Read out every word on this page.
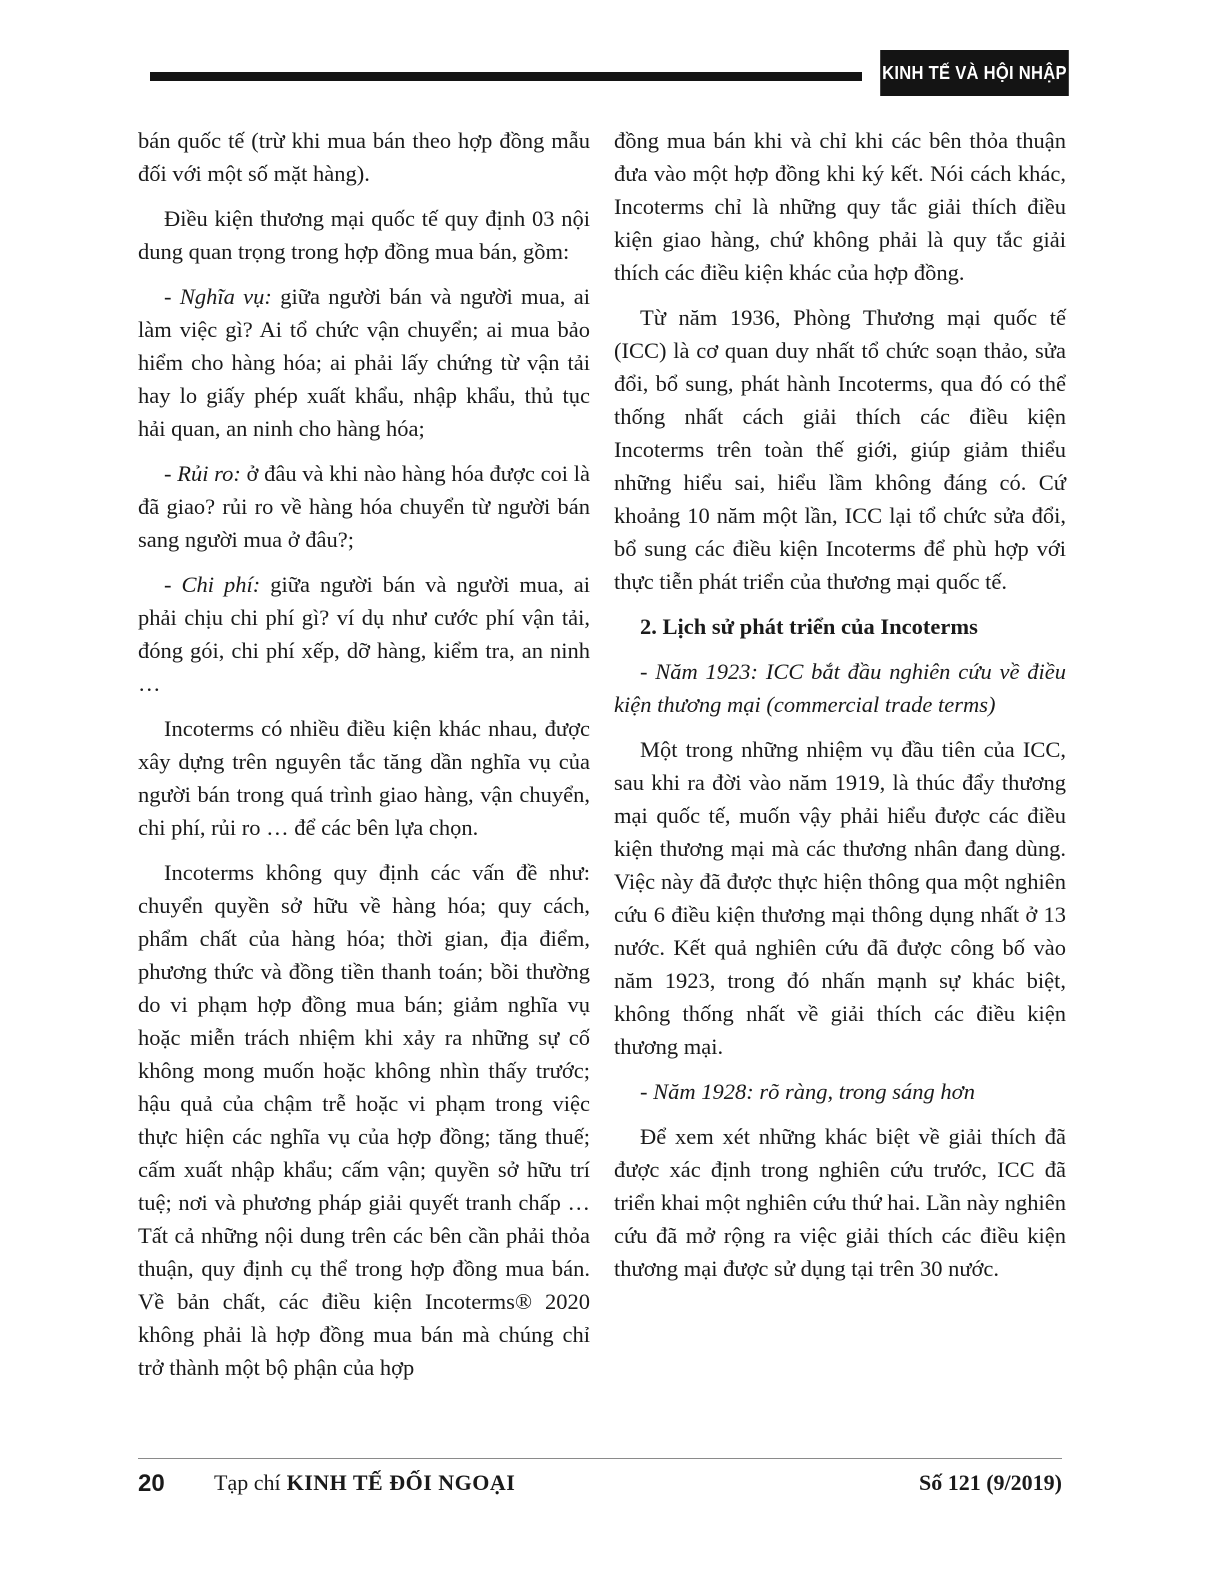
KINH TẾ VÀ HỘI NHẬP

bán quốc tế (trừ khi mua bán theo hợp đồng mẫu đối với một số mặt hàng).

Điều kiện thương mại quốc tế quy định 03 nội dung quan trọng trong hợp đồng mua bán, gồm:

- Nghĩa vụ: giữa người bán và người mua, ai làm việc gì? Ai tổ chức vận chuyển; ai mua bảo hiểm cho hàng hóa; ai phải lấy chứng từ vận tải hay lo giấy phép xuất khẩu, nhập khẩu, thủ tục hải quan, an ninh cho hàng hóa;

- Rủi ro: ở đâu và khi nào hàng hóa được coi là đã giao? rủi ro về hàng hóa chuyển từ người bán sang người mua ở đâu?;

- Chi phí: giữa người bán và người mua, ai phải chịu chi phí gì? ví dụ như cước phí vận tải, đóng gói, chi phí xếp, dỡ hàng, kiểm tra, an ninh …

Incoterms có nhiều điều kiện khác nhau, được xây dựng trên nguyên tắc tăng dần nghĩa vụ của người bán trong quá trình giao hàng, vận chuyển, chi phí, rủi ro … để các bên lựa chọn.

Incoterms không quy định các vấn đề như: chuyển quyền sở hữu về hàng hóa; quy cách, phẩm chất của hàng hóa; thời gian, địa điểm, phương thức và đồng tiền thanh toán; bồi thường do vi phạm hợp đồng mua bán; giảm nghĩa vụ hoặc miễn trách nhiệm khi xảy ra những sự cố không mong muốn hoặc không nhìn thấy trước; hậu quả của chậm trễ hoặc vi phạm trong việc thực hiện các nghĩa vụ của hợp đồng; tăng thuế; cấm xuất nhập khẩu; cấm vận; quyền sở hữu trí tuệ; nơi và phương pháp giải quyết tranh chấp … Tất cả những nội dung trên các bên cần phải thỏa thuận, quy định cụ thể trong hợp đồng mua bán. Về bản chất, các điều kiện Incoterms® 2020 không phải là hợp đồng mua bán mà chúng chỉ trở thành một bộ phận của hợp

đồng mua bán khi và chỉ khi các bên thỏa thuận đưa vào một hợp đồng khi ký kết. Nói cách khác, Incoterms chỉ là những quy tắc giải thích điều kiện giao hàng, chứ không phải là quy tắc giải thích các điều kiện khác của hợp đồng.

Từ năm 1936, Phòng Thương mại quốc tế (ICC) là cơ quan duy nhất tổ chức soạn thảo, sửa đổi, bổ sung, phát hành Incoterms, qua đó có thể thống nhất cách giải thích các điều kiện Incoterms trên toàn thế giới, giúp giảm thiểu những hiểu sai, hiểu lầm không đáng có. Cứ khoảng 10 năm một lần, ICC lại tổ chức sửa đổi, bổ sung các điều kiện Incoterms để phù hợp với thực tiễn phát triển của thương mại quốc tế.

2. Lịch sử phát triển của Incoterms

- Năm 1923: ICC bắt đầu nghiên cứu về điều kiện thương mại (commercial trade terms)

Một trong những nhiệm vụ đầu tiên của ICC, sau khi ra đời vào năm 1919, là thúc đẩy thương mại quốc tế, muốn vậy phải hiểu được các điều kiện thương mại mà các thương nhân đang dùng. Việc này đã được thực hiện thông qua một nghiên cứu 6 điều kiện thương mại thông dụng nhất ở 13 nước. Kết quả nghiên cứu đã được công bố vào năm 1923, trong đó nhấn mạnh sự khác biệt, không thống nhất về giải thích các điều kiện thương mại.

- Năm 1928: rõ ràng, trong sáng hơn

Để xem xét những khác biệt về giải thích đã được xác định trong nghiên cứu trước, ICC đã triển khai một nghiên cứu thứ hai. Lần này nghiên cứu đã mở rộng ra việc giải thích các điều kiện thương mại được sử dụng tại trên 30 nước.

20 Tạp chí KINH TẾ ĐỐI NGOẠI	Số 121 (9/2019)
